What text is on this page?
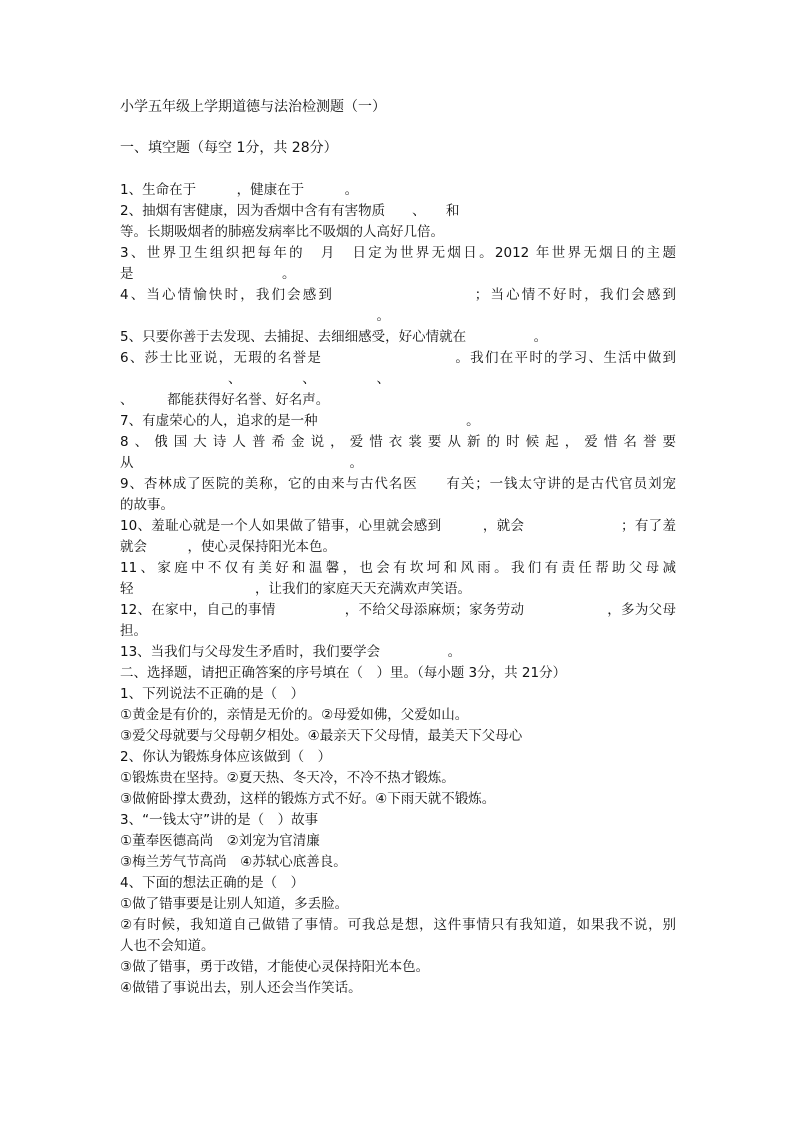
小学五年级上学期道德与法治检测题（一）
一、填空题（每空 1分，共 28分）
1、生命在于　　　，健康在于　　　。
2、抽烟有害健康，因为香烟中含有有害物质　　、　　和
等。长期吸烟者的肺癌发病率比不吸烟的人高好几倍。
3、世界卫生组织把每年的　月　日定为世界无烟日。2012 年世界无烟日的主题
是　　　　　　　　　　　。
4、当心情愉快时，我们会感到　　　　　　　　　；当心情不好时，我们会感到
　　　　　　　　　　　　　　　　　　　。
5、只要你善于去发现、去捕捉、去细细感受，好心情就在　　　　　。
6、莎士比亚说，无瑕的名誉是　　　　　　　　　。我们在平时的学习、生活中做到
　　　　　　　　、　　　　　、　　　　　、
、　　　都能获得好名誉、好名声。
7、有虚荣心的人，追求的是一种　　　　　　　　　　　。
8、俄国大诗人普希金说，爱惜衣裳要从新的时候起，爱惜名誉要
从　　　　　　　　　　　　　　　　。
9、杏林成了医院的美称，它的由来与古代名医　　有关；一钱太守讲的是古代官员刘宠
的故事。
10、羞耻心就是一个人如果做了错事，心里就会感到　　　，就会　　　　　　　；有了羞
就会　　　，使心灵保持阳光本色。
11、家庭中不仅有美好和温馨，也会有坎坷和风雨。我们有责任帮助父母减
轻　　　　　　　　　，让我们的家庭天天充满欢声笑语。
12、在家中，自己的事情　　　　　，不给父母添麻烦；家务劳动　　　　　　，多为父母
担。
13、当我们与父母发生矛盾时，我们要学会　　　　　。
二、选择题，请把正确答案的序号填在（　）里。（每小题 3分，共 21分）
1、下列说法不正确的是（　）
①黄金是有价的，亲情是无价的。②母爱如佛，父爱如山。
③爱父母就要与父母朝夕相处。④最亲天下父母情，最美天下父母心
2、你认为锻炼身体应该做到（　）
①锻炼贵在坚持。②夏天热、冬天冷，不冷不热才锻炼。
③做俯卧撑太费劲，这样的锻炼方式不好。④下雨天就不锻炼。
3、“一钱太守”讲的是（　）故事
①董奉医德高尚　②刘宠为官清廉
③梅兰芳气节高尚　④苏轼心底善良。
4、下面的想法正确的是（　）
①做了错事要是让别人知道，多丢脸。
②有时候，我知道自己做错了事情。可我总是想，这件事情只有我知道，如果我不说，别
人也不会知道。
③做了错事，勇于改错，才能使心灵保持阳光本色。
④做错了事说出去，别人还会当作笑话。
